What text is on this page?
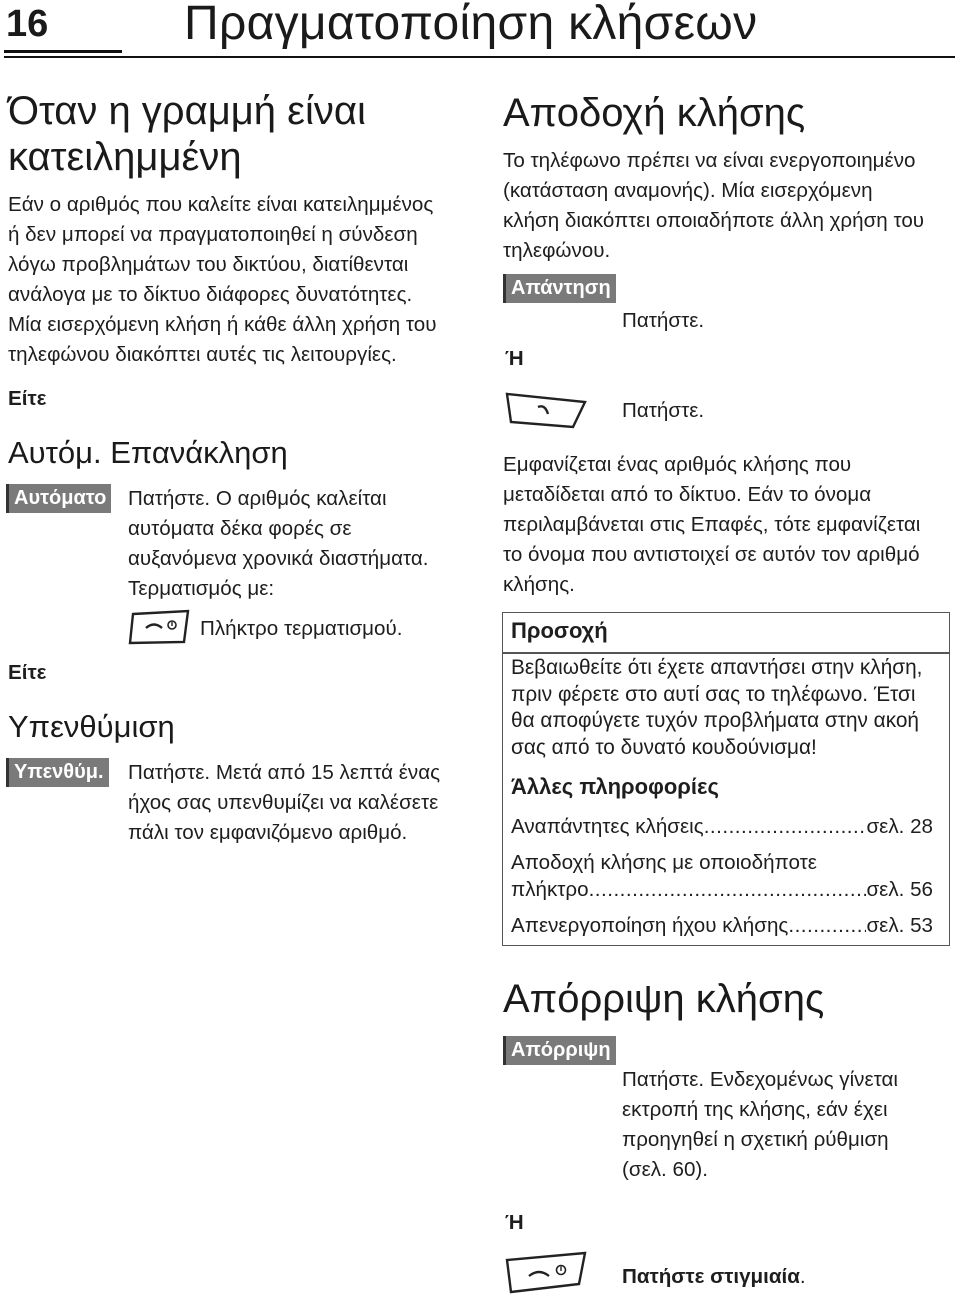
16	Πραγματοποίηση κλήσεων
Όταν η γραμμή είναι
κατειλημμένη
Εάν ο αριθμός που καλείτε είναι κατειλημμένος
ή δεν μπορεί να πραγματοποιηθεί η σύνδεση
λόγω προβλημάτων του δικτύου, διατίθενται
ανάλογα με το δίκτυο διάφορες δυνατότητες.
Μία εισερχόμενη κλήση ή κάθε άλλη χρήση του
τηλεφώνου διακόπτει αυτές τις λειτουργίες.
Είτε
Αυτόμ. Επανάκληση
Αυτόματο Πατήστε. Ο αριθμός καλείται
αυτόματα δέκα φορές σε
αυξανόμενα χρονικά διαστήματα.
Τερματισμός με:
Πλήκτρο τερματισμού.
Είτε
Υπενθύμιση
Υπενθύμ. Πατήστε. Μετά από 15 λεπτά ένας
ήχος σας υπενθυμίζει να καλέσετε
πάλι τον εμφανιζόμενο αριθμό.
Αποδοχή κλήσης
Το τηλέφωνο πρέπει να είναι ενεργοποιημένο
(κατάσταση αναμονής). Μία εισερχόμενη
κλήση διακόπτει οποιαδήποτε άλλη χρήση του
τηλεφώνου.
Απάντηση
Πατήστε.
Ή
Πατήστε.
Εμφανίζεται ένας αριθμός κλήσης που
μεταδίδεται από το δίκτυο. Εάν το όνομα
περιλαμβάνεται στις Επαφές, τότε εμφανίζεται
το όνομα που αντιστοιχεί σε αυτόν τον αριθμό
κλήσης.
Προσοχή
Βεβαιωθείτε ότι έχετε απαντήσει στην κλήση,
πριν φέρετε στο αυτί σας το τηλέφωνο. Έτσι
θα αποφύγετε τυχόν προβλήματα στην ακοή
σας από το δυνατό κουδούνισμα!
Άλλες πληροφορίες
Αναπάντητες κλήσεις .....	σελ. 28
Αποδοχή κλήσης με οποιοδήποτε
πλήκτρο .....	σελ. 56
Απενεργοποίηση ήχου κλήσης .....	σελ. 53
Απόρριψη κλήσης
Απόρριψη
Πατήστε. Ενδεχομένως γίνεται
εκτροπή της κλήσης, εάν έχει
προηγηθεί η σχετική ρύθμιση
(σελ. 60).
Ή
Πατήστε στιγμιαία.
